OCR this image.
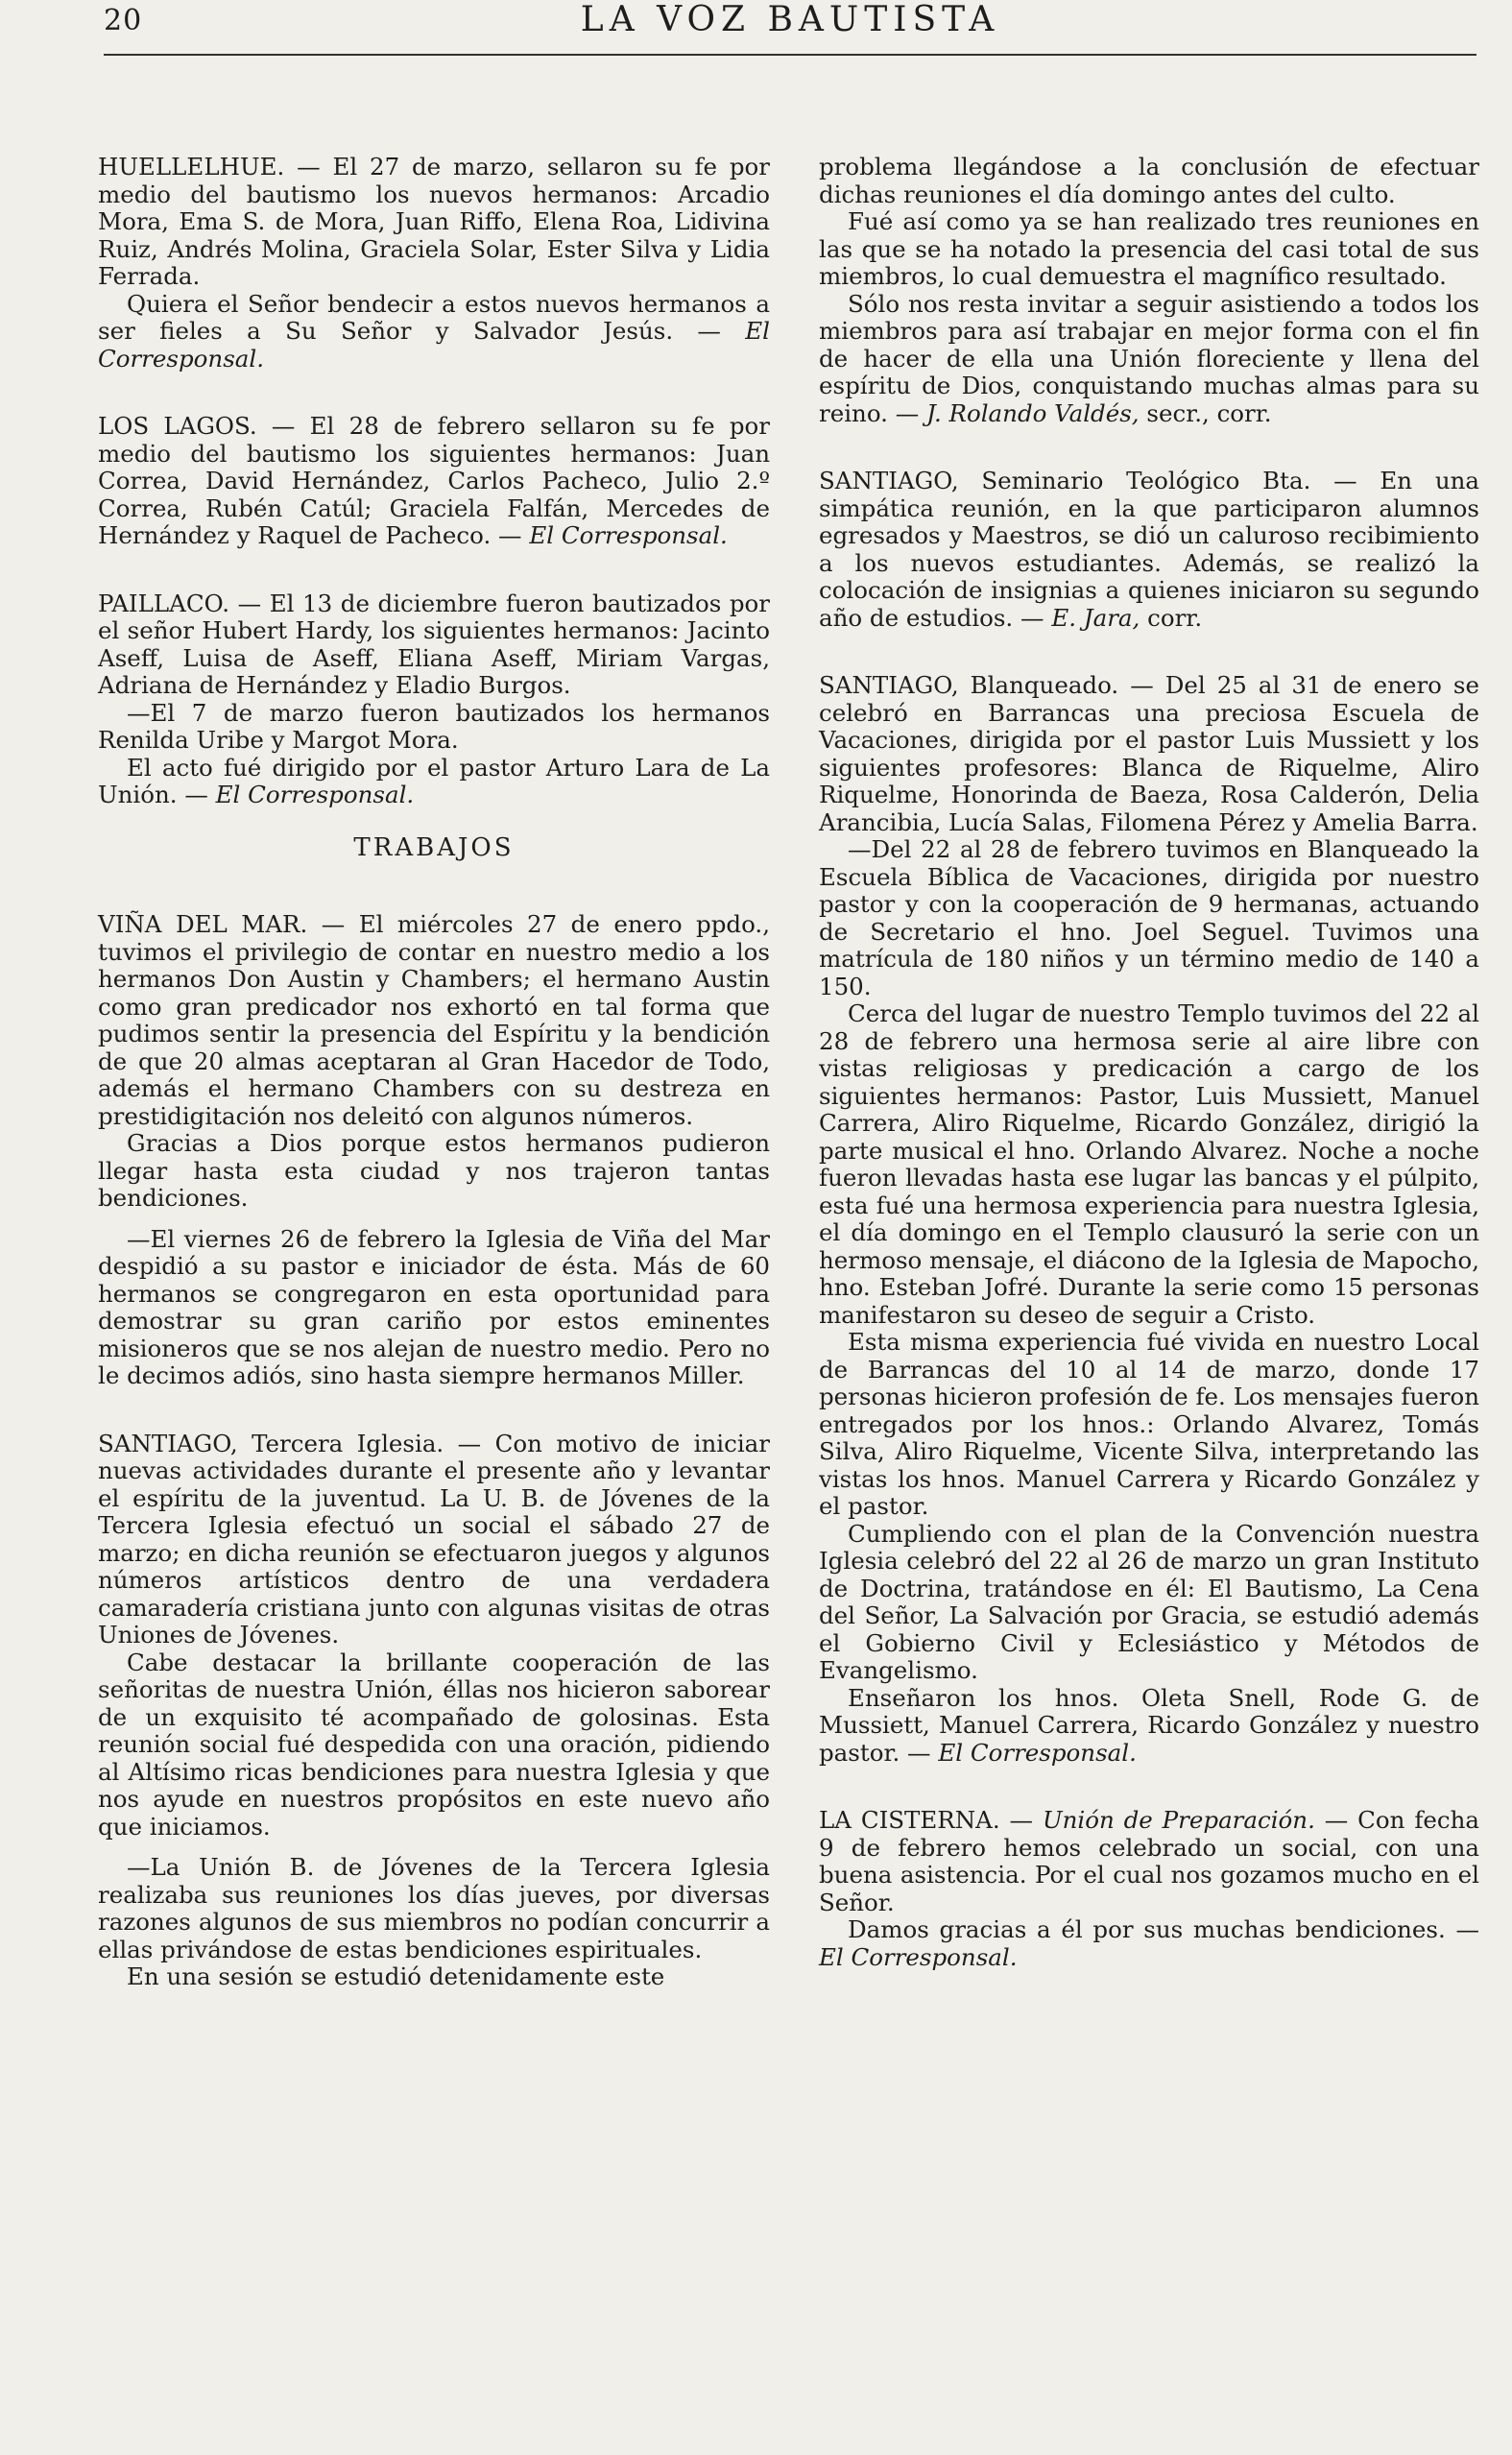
20	LA VOZ BAUTISTA

HUELLELHUE. — El 27 de marzo, sellaron su fe por medio del bautismo los nuevos hermanos: Arcadio Mora, Ema S. de Mora, Juan Riffo, Elena Roa, Lidivina Ruiz, Andrés Molina, Graciela Solar, Ester Silva y Lidia Ferrada.

Quiera el Señor bendecir a estos nuevos hermanos a ser fieles a Su Señor y Salvador Jesús. — El Corresponsal.

LOS LAGOS. — El 28 de febrero sellaron su fe por medio del bautismo los siguientes hermanos: Juan Correa, David Hernández, Carlos Pacheco, Julio 2.º Correa, Rubén Catúl; Graciela Falfán, Mercedes de Hernández y Raquel de Pacheco. — El Corresponsal.

PAILLACO. — El 13 de diciembre fueron bautizados por el señor Hubert Hardy, los siguientes hermanos: Jacinto Aseff, Luisa de Aseff, Eliana Aseff, Miriam Vargas, Adriana de Hernández y Eladio Burgos.

—El 7 de marzo fueron bautizados los hermanos Renilda Uribe y Margot Mora.

El acto fué dirigido por el pastor Arturo Lara de La Unión. — El Corresponsal.

TRABAJOS

VIÑA DEL MAR. — El miércoles 27 de enero ppdo., tuvimos el privilegio de contar en nuestro medio a los hermanos Don Austin y Chambers; el hermano Austin como gran predicador nos exhortó en tal forma que pudimos sentir la presencia del Espíritu y la bendición de que 20 almas aceptaran al Gran Hacedor de Todo, además el hermano Chambers con su destreza en prestidigitación nos deleitó con algunos números.

Gracias a Dios porque estos hermanos pudieron llegar hasta esta ciudad y nos trajeron tantas bendiciones.

—El viernes 26 de febrero la Iglesia de Viña del Mar despidió a su pastor e iniciador de ésta. Más de 60 hermanos se congregaron en esta oportunidad para demostrar su gran cariño por estos eminentes misioneros que se nos alejan de nuestro medio. Pero no le decimos adiós, sino hasta siempre hermanos Miller.

SANTIAGO, Tercera Iglesia. — Con motivo de iniciar nuevas actividades durante el presente año y levantar el espíritu de la juventud. La U. B. de Jóvenes de la Tercera Iglesia efectuó un social el sábado 27 de marzo; en dicha reunión se efectuaron juegos y algunos números artísticos dentro de una verdadera camaradería cristiana junto con algunas visitas de otras Uniones de Jóvenes.

Cabe destacar la brillante cooperación de las señoritas de nuestra Unión, éllas nos hicieron saborear de un exquisito té acompañado de golosinas. Esta reunión social fué despedida con una oración, pidiendo al Altísimo ricas bendiciones para nuestra Iglesia y que nos ayude en nuestros propósitos en este nuevo año que iniciamos.

—La Unión B. de Jóvenes de la Tercera Iglesia realizaba sus reuniones los días jueves, por diversas razones algunos de sus miembros no podían concurrir a ellas privándose de estas bendiciones espirituales.

En una sesión se estudió detenidamente este

problema llegándose a la conclusión de efectuar dichas reuniones el día domingo antes del culto.

Fué así como ya se han realizado tres reuniones en las que se ha notado la presencia del casi total de sus miembros, lo cual demuestra el magnífico resultado.

Sólo nos resta invitar a seguir asistiendo a todos los miembros para así trabajar en mejor forma con el fin de hacer de ella una Unión floreciente y llena del espíritu de Dios, conquistando muchas almas para su reino. — J. Rolando Valdés, secr., corr.

SANTIAGO, Seminario Teológico Bta. — En una simpática reunión, en la que participaron alumnos egresados y Maestros, se dió un caluroso recibimiento a los nuevos estudiantes. Además, se realizó la colocación de insignias a quienes iniciaron su segundo año de estudios. — E. Jara, corr.

SANTIAGO, Blanqueado. — Del 25 al 31 de enero se celebró en Barrancas una preciosa Escuela de Vacaciones, dirigida por el pastor Luis Mussiett y los siguientes profesores: Blanca de Riquelme, Aliro Riquelme, Honorinda de Baeza, Rosa Calderón, Delia Arancibia, Lucía Salas, Filomena Pérez y Amelia Barra.

—Del 22 al 28 de febrero tuvimos en Blanqueado la Escuela Bíblica de Vacaciones, dirigida por nuestro pastor y con la cooperación de 9 hermanas, actuando de Secretario el hno. Joel Seguel. Tuvimos una matrícula de 180 niños y un término medio de 140 a 150.

Cerca del lugar de nuestro Templo tuvimos del 22 al 28 de febrero una hermosa serie al aire libre con vistas religiosas y predicación a cargo de los siguientes hermanos: Pastor, Luis Mussiett, Manuel Carrera, Aliro Riquelme, Ricardo González, dirigió la parte musical el hno. Orlando Alvarez. Noche a noche fueron llevadas hasta ese lugar las bancas y el púlpito, esta fué una hermosa experiencia para nuestra Iglesia, el día domingo en el Templo clausuró la serie con un hermoso mensaje, el diácono de la Iglesia de Mapocho, hno. Esteban Jofré. Durante la serie como 15 personas manifestaron su deseo de seguir a Cristo.

Esta misma experiencia fué vivida en nuestro Local de Barrancas del 10 al 14 de marzo, donde 17 personas hicieron profesión de fe. Los mensajes fueron entregados por los hnos.: Orlando Alvarez, Tomás Silva, Aliro Riquelme, Vicente Silva, interpretando las vistas los hnos. Manuel Carrera y Ricardo González y el pastor.

Cumpliendo con el plan de la Convención nuestra Iglesia celebró del 22 al 26 de marzo un gran Instituto de Doctrina, tratándose en él: El Bautismo, La Cena del Señor, La Salvación por Gracia, se estudió además el Gobierno Civil y Eclesiástico y Métodos de Evangelismo.

Enseñaron los hnos. Oleta Snell, Rode G. de Mussiett, Manuel Carrera, Ricardo González y nuestro pastor. — El Corresponsal.

LA CISTERNA. — Unión de Preparación. — Con fecha 9 de febrero hemos celebrado un social, con una buena asistencia. Por el cual nos gozamos mucho en el Señor.

Damos gracias a él por sus muchas bendiciones. — El Corresponsal.
